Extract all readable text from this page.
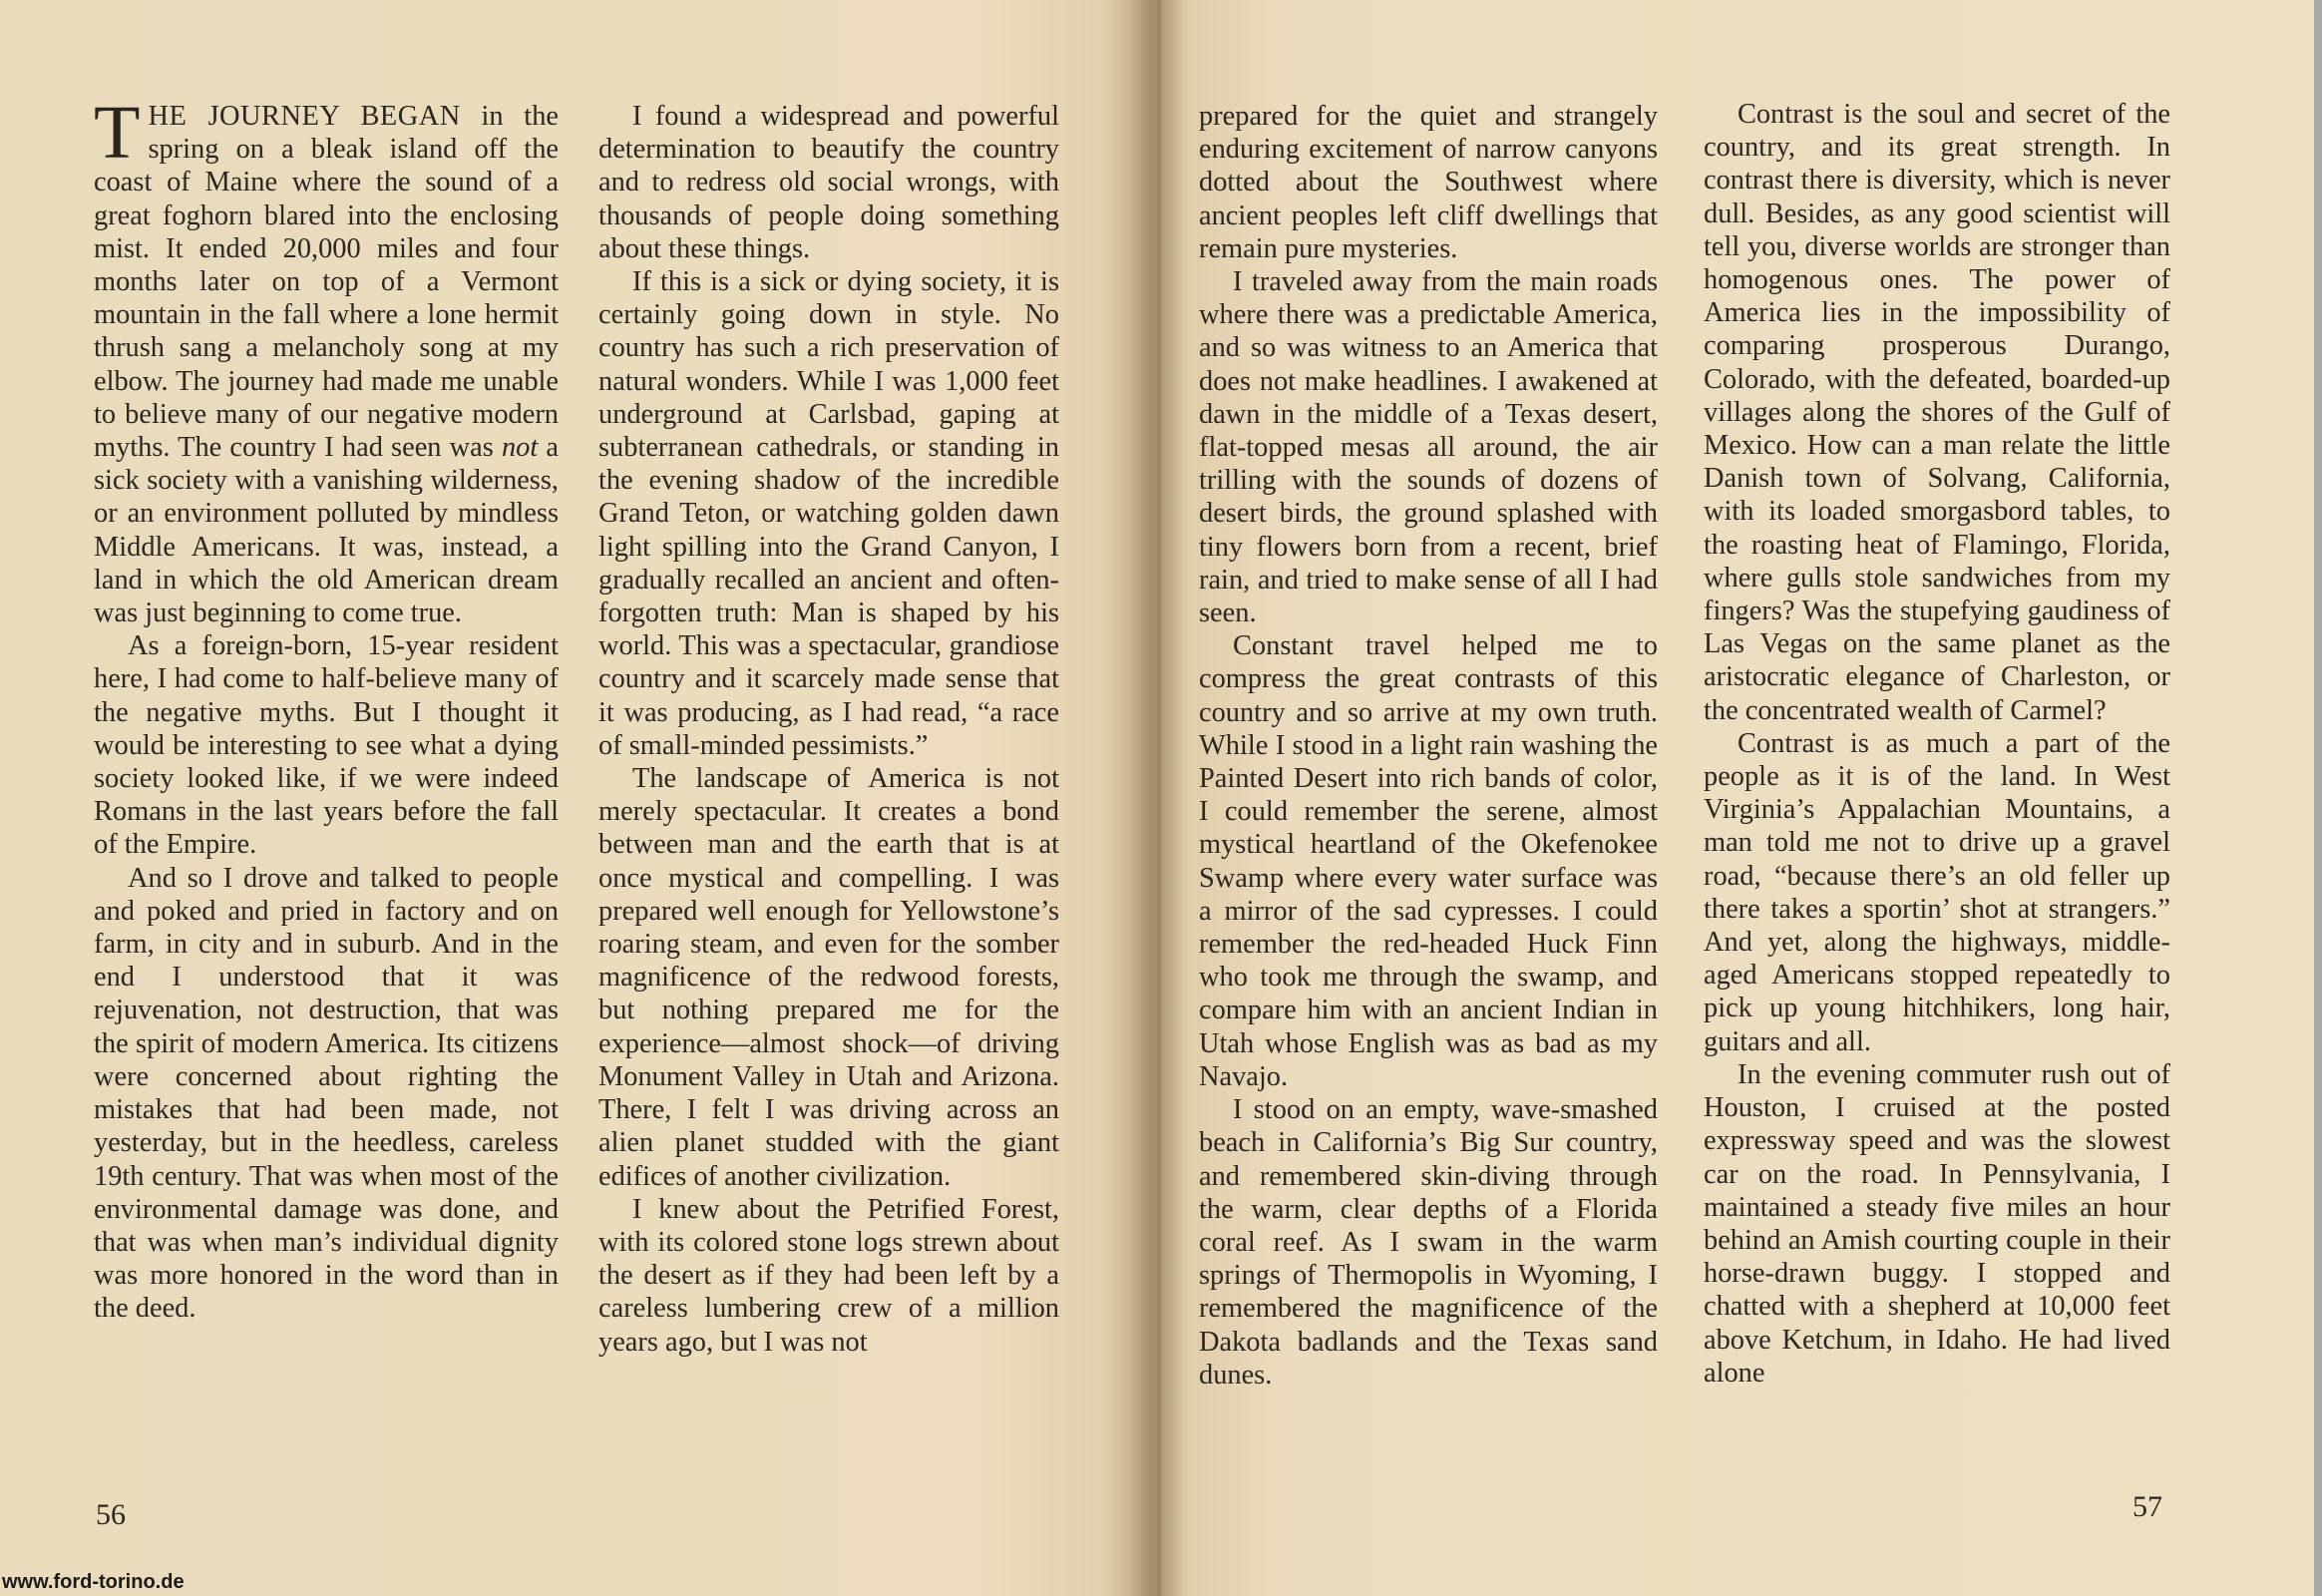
THE JOURNEY BEGAN in the spring on a bleak island off the coast of Maine where the sound of a great foghorn blared into the enclosing mist. It ended 20,000 miles and four months later on top of a Vermont mountain in the fall where a lone hermit thrush sang a melancholy song at my elbow. The journey had made me unable to believe many of our negative modern myths. The country I had seen was not a sick society with a vanishing wilderness, or an environment polluted by mindless Middle Americans. It was, instead, a land in which the old American dream was just beginning to come true.

As a foreign-born, 15-year resident here, I had come to half-believe many of the negative myths. But I thought it would be interesting to see what a dying society looked like, if we were indeed Romans in the last years before the fall of the Empire.

And so I drove and talked to people and poked and pried in factory and on farm, in city and in suburb. And in the end I understood that it was rejuvenation, not destruction, that was the spirit of modern America. Its citizens were concerned about righting the mistakes that had been made, not yesterday, but in the heedless, careless 19th century. That was when most of the environmental damage was done, and that was when man’s individual dignity was more honored in the word than in the deed.

I found a widespread and powerful determination to beautify the country and to redress old social wrongs, with thousands of people doing something about these things.

If this is a sick or dying society, it is certainly going down in style. No country has such a rich preservation of natural wonders. While I was 1,000 feet underground at Carlsbad, gaping at subterranean cathedrals, or standing in the evening shadow of the incredible Grand Teton, or watching golden dawn light spilling into the Grand Canyon, I gradually recalled an ancient and often-forgotten truth: Man is shaped by his world. This was a spectacular, grandiose country and it scarcely made sense that it was producing, as I had read, “a race of small-minded pessimists.”

The landscape of America is not merely spectacular. It creates a bond between man and the earth that is at once mystical and compelling. I was prepared well enough for Yellowstone’s roaring steam, and even for the somber magnificence of the redwood forests, but nothing prepared me for the experience—almost shock—of driving Monument Valley in Utah and Arizona. There, I felt I was driving across an alien planet studded with the giant edifices of another civilization.

I knew about the Petrified Forest, with its colored stone logs strewn about the desert as if they had been left by a careless lumbering crew of a million years ago, but I was not

56

prepared for the quiet and strangely enduring excitement of narrow canyons dotted about the Southwest where ancient peoples left cliff dwellings that remain pure mysteries.

I traveled away from the main roads where there was a predictable America, and so was witness to an America that does not make headlines. I awakened at dawn in the middle of a Texas desert, flat-topped mesas all around, the air trilling with the sounds of dozens of desert birds, the ground splashed with tiny flowers born from a recent, brief rain, and tried to make sense of all I had seen.

Constant travel helped me to compress the great contrasts of this country and so arrive at my own truth. While I stood in a light rain washing the Painted Desert into rich bands of color, I could remember the serene, almost mystical heartland of the Okefenokee Swamp where every water surface was a mirror of the sad cypresses. I could remember the red-headed Huck Finn who took me through the swamp, and compare him with an ancient Indian in Utah whose English was as bad as my Navajo.

I stood on an empty, wave-smashed beach in California’s Big Sur country, and remembered skin-diving through the warm, clear depths of a Florida coral reef. As I swam in the warm springs of Thermopolis in Wyoming, I remembered the magnificence of the Dakota badlands and the Texas sand dunes.

Contrast is the soul and secret of the country, and its great strength. In contrast there is diversity, which is never dull. Besides, as any good scientist will tell you, diverse worlds are stronger than homogenous ones. The power of America lies in the impossibility of comparing prosperous Durango, Colorado, with the defeated, boarded-up villages along the shores of the Gulf of Mexico. How can a man relate the little Danish town of Solvang, California, with its loaded smorgasbord tables, to the roasting heat of Flamingo, Florida, where gulls stole sandwiches from my fingers? Was the stupefying gaudiness of Las Vegas on the same planet as the aristocratic elegance of Charleston, or the concentrated wealth of Carmel?

Contrast is as much a part of the people as it is of the land. In West Virginia’s Appalachian Mountains, a man told me not to drive up a gravel road, “because there’s an old feller up there takes a sportin’ shot at strangers.” And yet, along the highways, middle-aged Americans stopped repeatedly to pick up young hitchhikers, long hair, guitars and all.

In the evening commuter rush out of Houston, I cruised at the posted expressway speed and was the slowest car on the road. In Pennsylvania, I maintained a steady five miles an hour behind an Amish courting couple in their horse-drawn buggy. I stopped and chatted with a shepherd at 10,000 feet above Ketchum, in Idaho. He had lived alone

57
www.ford-torino.de
